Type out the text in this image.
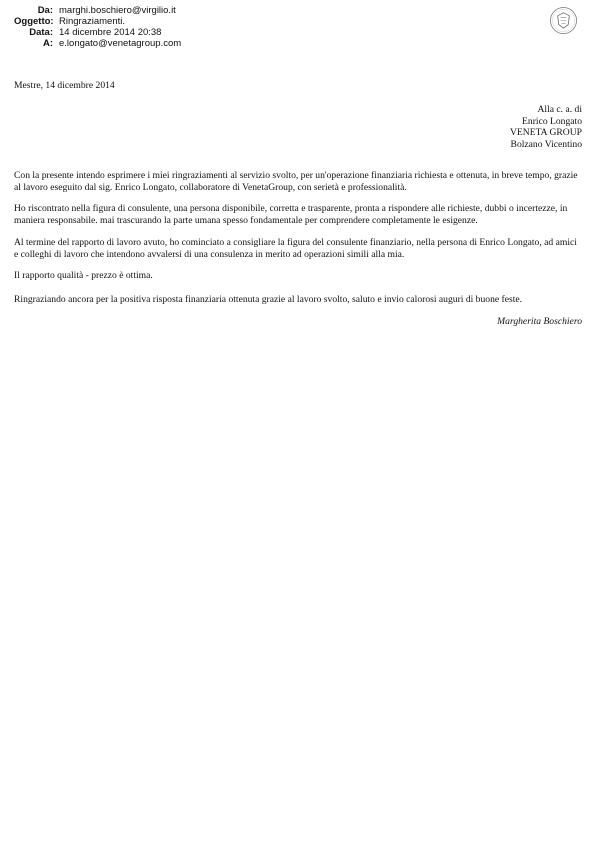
Da: marghi.boschiero@virgilio.it
Oggetto: Ringraziamenti.
Data: 14 dicembre 2014 20:38
A: e.longato@venetagroup.com
Mestre, 14 dicembre 2014
Alla c. a. di
Enrico Longato
VENETA GROUP
Bolzano Vicentino
Con la presente intendo esprimere i miei ringraziamenti al servizio svolto, per un'operazione finanziaria richiesta e ottenuta, in breve tempo, grazie al lavoro eseguito dal sig. Enrico Longato, collaboratore di VenetaGroup, con serietà e professionalità.
Ho riscontrato nella figura di consulente, una persona disponibile, corretta e trasparente, pronta a rispondere alle richieste, dubbi o incertezze, in maniera responsabile. mai trascurando la parte umana spesso fondamentale per comprendere completamente le esigenze.
Al termine del rapporto di lavoro avuto, ho cominciato a consigliare la figura del consulente finanziario, nella persona di Enrico Longato, ad amici e colleghi di lavoro che intendono avvalersi di una consulenza in merito ad operazioni simili alla mia.
Il rapporto qualità - prezzo è ottima.
Ringraziando ancora per la positiva risposta finanziaria ottenuta grazie al lavoro svolto, saluto e invio calorosi auguri di buone feste.
Margherita Boschiero
